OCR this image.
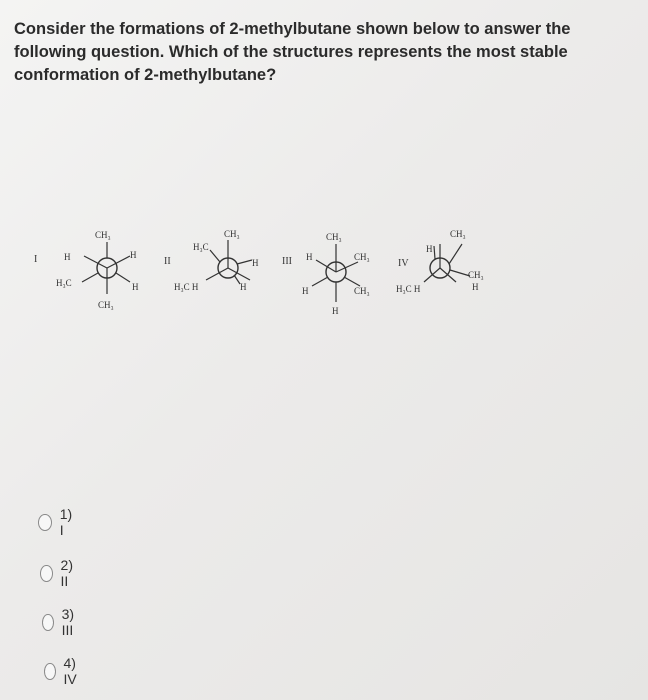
Consider the formations of 2-methylbutane shown below to answer the following question. Which of the structures represents the most stable conformation of 2-methylbutane?
I
CH₃
H	H
H₃C	H
CH₃
II
CH₃
H₃C
H
H₃C H	H
III
CH₃
H	CH₃
H	CH₃
H
IV
CH₃
H
CH₃
H₃C H	H
1) I
2) II
3) III
4) IV
